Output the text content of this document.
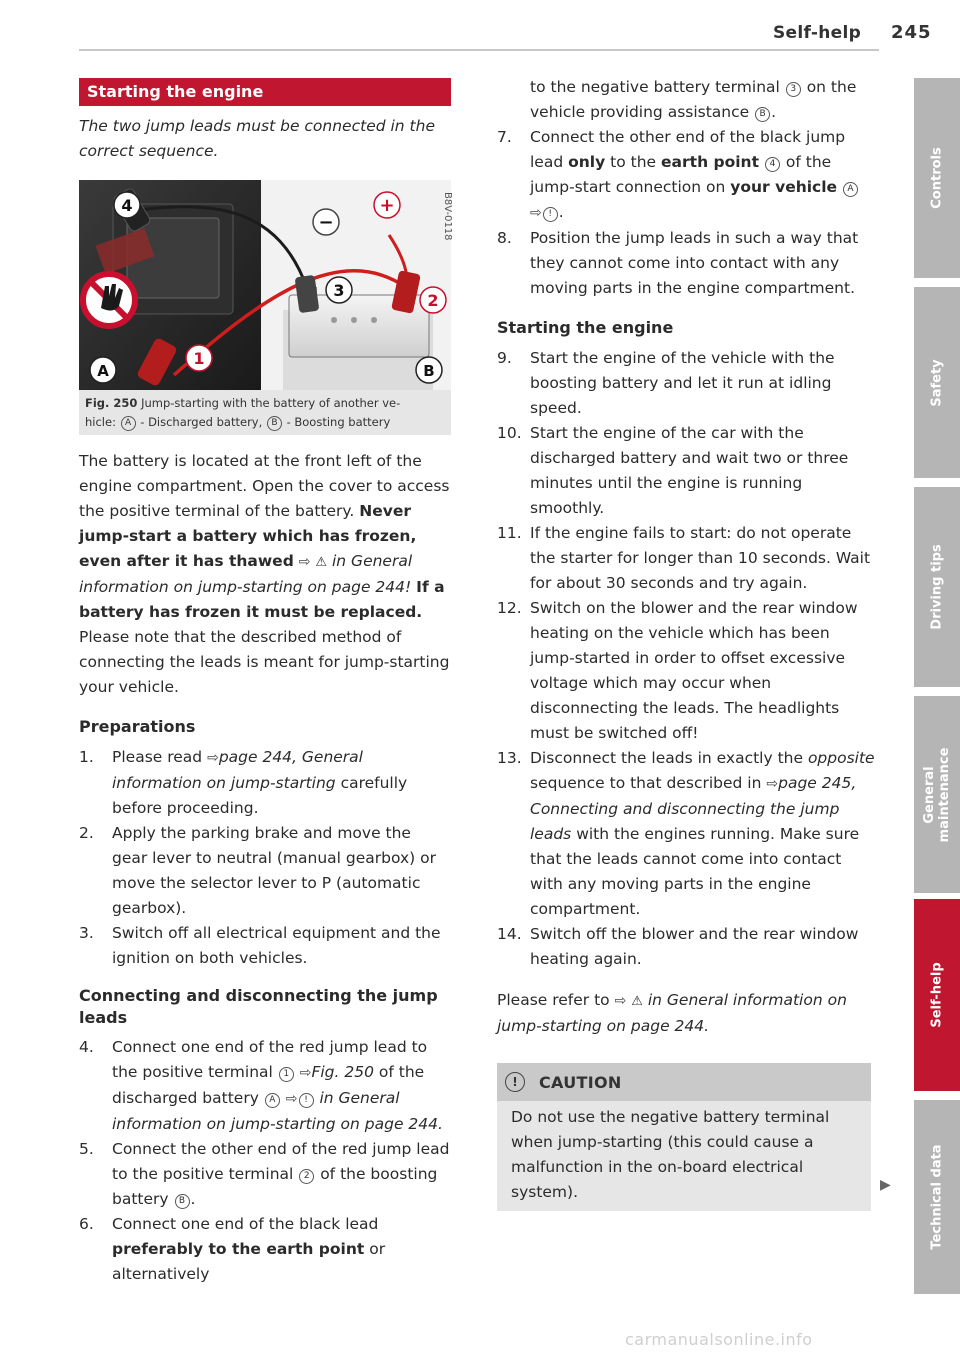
Self-help 245
Starting the engine

The two jump leads must be connected in the correct sequence.

4
−
+
3
2
1
A	B
B8V-0118
Fig. 250 Jump-starting with the battery of another ve-
hicle: A - Discharged battery, B - Boosting battery

The battery is located at the front left of the engine compartment. Open the cover to access the positive terminal of the battery. Never jump-start a battery which has frozen, even after it has thawed ⇨ ⚠ in General information on jump-starting on page 244! If a battery has frozen it must be replaced. Please note that the described method of connecting the leads is meant for jump-starting your vehicle.

Preparations
1. Please read ⇨page 244, General information on jump-starting carefully before proceeding.
2. Apply the parking brake and move the gear lever to neutral (manual gearbox) or move the selector lever to P (automatic gearbox).
3. Switch off all electrical equipment and the ignition on both vehicles.
Connecting and disconnecting the jump leads
4. Connect one end of the red jump lead to the positive terminal 1 ⇨Fig. 250 of the discharged battery A ⇨ ! in General information on jump-starting on page 244.
5. Connect the other end of the red jump lead to the positive terminal 2 of the boosting battery B .
6. Connect one end of the black lead preferably to the earth point or alternatively
to the negative battery terminal 3 on the vehicle providing assistance B .
7. Connect the other end of the black jump lead only to the earth point 4 of the jump-start connection on your vehicle A ⇨ ! .
8. Position the jump leads in such a way that they cannot come into contact with any moving parts in the engine compartment.
Starting the engine
9. Start the engine of the vehicle with the boosting battery and let it run at idling speed.
10. Start the engine of the car with the discharged battery and wait two or three minutes until the engine is running smoothly.
11. If the engine fails to start: do not operate the starter for longer than 10 seconds. Wait for about 30 seconds and try again.
12. Switch on the blower and the rear window heating on the vehicle which has been jump-started in order to offset excessive voltage which may occur when disconnecting the leads. The headlights must be switched off!
13. Disconnect the leads in exactly the opposite sequence to that described in ⇨page 245, Connecting and disconnecting the jump leads with the engines running. Make sure that the leads cannot come into contact with any moving parts in the engine compartment.
14. Switch off the blower and the rear window heating again.

Please refer to ⇨ ⚠ in General information on jump-starting on page 244.

!	CAUTION
Do not use the negative battery terminal when jump-starting (this could cause a malfunction in the on-board electrical system).	▶
Controls
Safety
Driving tips
General maintenance
Self-help
Technical data
carmanualsonline.info
